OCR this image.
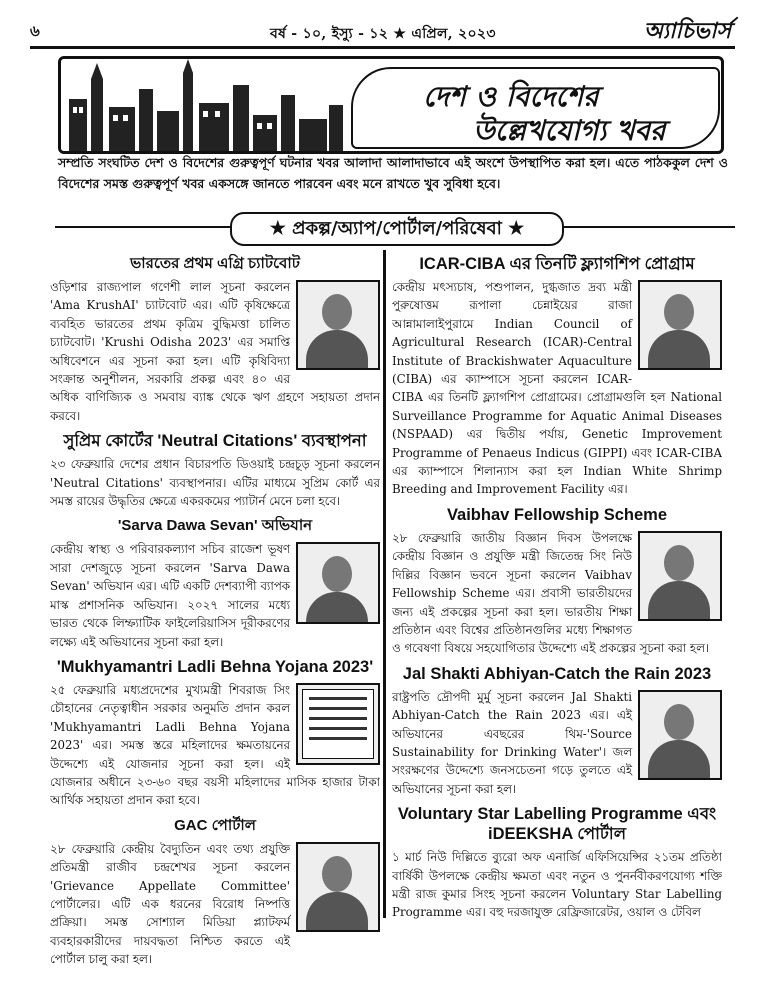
৬	বর্ষ - ১০, ইস্যু - ১২ ★ এপ্রিল, ২০২৩	অ্যাচিভার্স
দেশ ও বিদেশের
উল্লেখযোগ্য খবর
সম্প্রতি সংঘটিত দেশ ও বিদেশের গুরুত্বপূর্ণ ঘটনার খবর আলাদা আলাদাভাবে এই অংশে উপস্থাপিত করা হল। এতে পাঠককুল দেশ ও বিদেশের সমস্ত গুরুত্বপূর্ণ খবর একসঙ্গে জানতে পারবেন এবং মনে রাখতে খুব সুবিধা হবে।
★ প্রকল্প/অ্যাপ/পোর্টাল/পরিষেবা ★
ভারতের প্রথম এগ্রি চ্যাটবোট
ওড়িশার রাজ্যপাল গণেশী লাল সূচনা করলেন 'Ama KrushAI' চ্যাটবোট এর। এটি কৃষিক্ষেত্রে ব্যবহিত ভারতের প্রথম কৃত্রিম বুদ্ধিমত্তা চালিত চ্যাটবোট। 'Krushi Odisha 2023' এর সমাপ্তি অধিবেশনে এর সূচনা করা হল। এটি কৃষিবিদ্যা সংক্রান্ত অনুশীলন, সরকারি প্রকল্প এবং ৪০ এর অধিক বাণিজ্যিক ও সমবায় ব্যাঙ্ক থেকে ঋণ গ্রহণে সহায়তা প্রদান করবে।
সুপ্রিম কোর্টের 'Neutral Citations' ব্যবস্থাপনা
২৩ ফেব্রুয়ারি দেশের প্রধান বিচারপতি ডিওয়াই চন্দ্রচূড় সূচনা করলেন 'Neutral Citations' ব্যবস্থাপনার। এটির মাধ্যমে সুপ্রিম কোর্ট এর সমস্ত রায়ের উদ্ধৃতির ক্ষেত্রে একরকমের প্যাটার্ন মেনে চলা হবে।
'Sarva Dawa Sevan' অভিযান
কেন্দ্রীয় স্বাস্থ্য ও পরিবারকল্যাণ সচিব রাজেশ ভূষণ সারা দেশজুড়ে সূচনা করলেন 'Sarva Dawa Sevan' অভিযান এর। এটি একটি দেশব্যাপী ব্যাপক মাস্ক প্রশাসনিক অভিযান। ২০২৭ সালের মধ্যে ভারত থেকে লিম্ফ্যাটিক ফাইলেরিয়াসিস দূরীকরণের লক্ষ্যে এই অভিযানের সূচনা করা হল।
'Mukhyamantri Ladli Behna Yojana 2023'
২৫ ফেব্রুয়ারি মধ্যপ্রদেশের মুখ্যমন্ত্রী শিবরাজ সিং চৌহানের নেতৃত্বাধীন সরকার অনুমতি প্রদান করল 'Mukhyamantri Ladli Behna Yojana 2023' এর। সমস্ত স্তরে মহিলাদের ক্ষমতায়নের উদ্দেশ্যে এই যোজনার সূচনা করা হল। এই যোজনার অধীনে ২৩-৬০ বছর বয়সী মহিলাদের মাসিক হাজার টাকা আর্থিক সহায়তা প্রদান করা হবে।
GAC পোর্টাল
২৮ ফেব্রুয়ারি কেন্দ্রীয় বৈদ্যুতিন এবং তথ্য প্রযুক্তি প্রতিমন্ত্রী রাজীব চন্দ্রশেখর সূচনা করলেন 'Grievance Appellate Committee' পোর্টালের। এটি এক ধরনের বিরোধ নিষ্পত্তি প্রক্রিয়া। সমস্ত সোশ্যাল মিডিয়া প্ল্যাটফর্ম ব্যবহারকারীদের দায়বদ্ধতা নিশ্চিত করতে এই পোর্টাল চালু করা হল।
ICAR-CIBA এর তিনটি ফ্ল্যাগশিপ প্রোগ্রাম
কেন্দ্রীয় মৎস্যচাষ, পশুপালন, দুগ্ধজাত দ্রব্য মন্ত্রী পুরুষোত্তম রূপালা চেন্নাইয়ের রাজা আন্নামালাইপুরামে Indian Council of Agricultural Research (ICAR)-Central Institute of Brackishwater Aquaculture (CIBA) এর ক্যাম্পাসে সূচনা করলেন ICAR-CIBA এর তিনটি ফ্ল্যাগশিপ প্রোগ্রামের। প্রোগ্রামগুলি হল National Surveillance Programme for Aquatic Animal Diseases (NSPAAD) এর দ্বিতীয় পর্যায়, Genetic Improvement Programme of Penaeus Indicus (GIPPI) এবং ICAR-CIBA এর ক্যাম্পাসে শিলান্যাস করা হল Indian White Shrimp Breeding and Improvement Facility এর।
Vaibhav Fellowship Scheme
২৮ ফেব্রুয়ারি জাতীয় বিজ্ঞান দিবস উপলক্ষে কেন্দ্রীয় বিজ্ঞান ও প্রযুক্তি মন্ত্রী জিতেন্দ্র সিং নিউ দিল্লির বিজ্ঞান ভবনে সূচনা করলেন Vaibhav Fellowship Scheme এর। প্রবাসী ভারতীয়দের জন্য এই প্রকল্পের সূচনা করা হল। ভারতীয় শিক্ষা প্রতিষ্ঠান এবং বিশ্বের প্রতিষ্ঠানগুলির মধ্যে শিক্ষাগত ও গবেষণা বিষয়ে সহযোগিতার উদ্দেশ্যে এই প্রকল্পের সূচনা করা হল।
Jal Shakti Abhiyan-Catch the Rain 2023
রাষ্ট্রপতি দ্রৌপদী মুর্মু সূচনা করলেন Jal Shakti Abhiyan-Catch the Rain 2023 এর। এই অভিযানের এবছরের থিম-'Source Sustainability for Drinking Water'। জল সংরক্ষণের উদ্দেশ্যে জনসচেতনা গড়ে তুলতে এই অভিযানের সূচনা করা হল।
Voluntary Star Labelling Programme এবং iDEEKSHA পোর্টাল
১ মার্চ নিউ দিল্লিতে ব্যুরো অফ এনার্জি এফিসিয়েন্সির ২১তম প্রতিষ্ঠা বার্ষিকী উপলক্ষে কেন্দ্রীয় ক্ষমতা এবং নতুন ও পুনর্নবীকরণযোগ্য শক্তি মন্ত্রী রাজ কুমার সিংহ সূচনা করলেন Voluntary Star Labelling Programme এর। বহু দরজাযুক্ত রেফ্রিজারেটর, ওয়াল ও টেবিল
